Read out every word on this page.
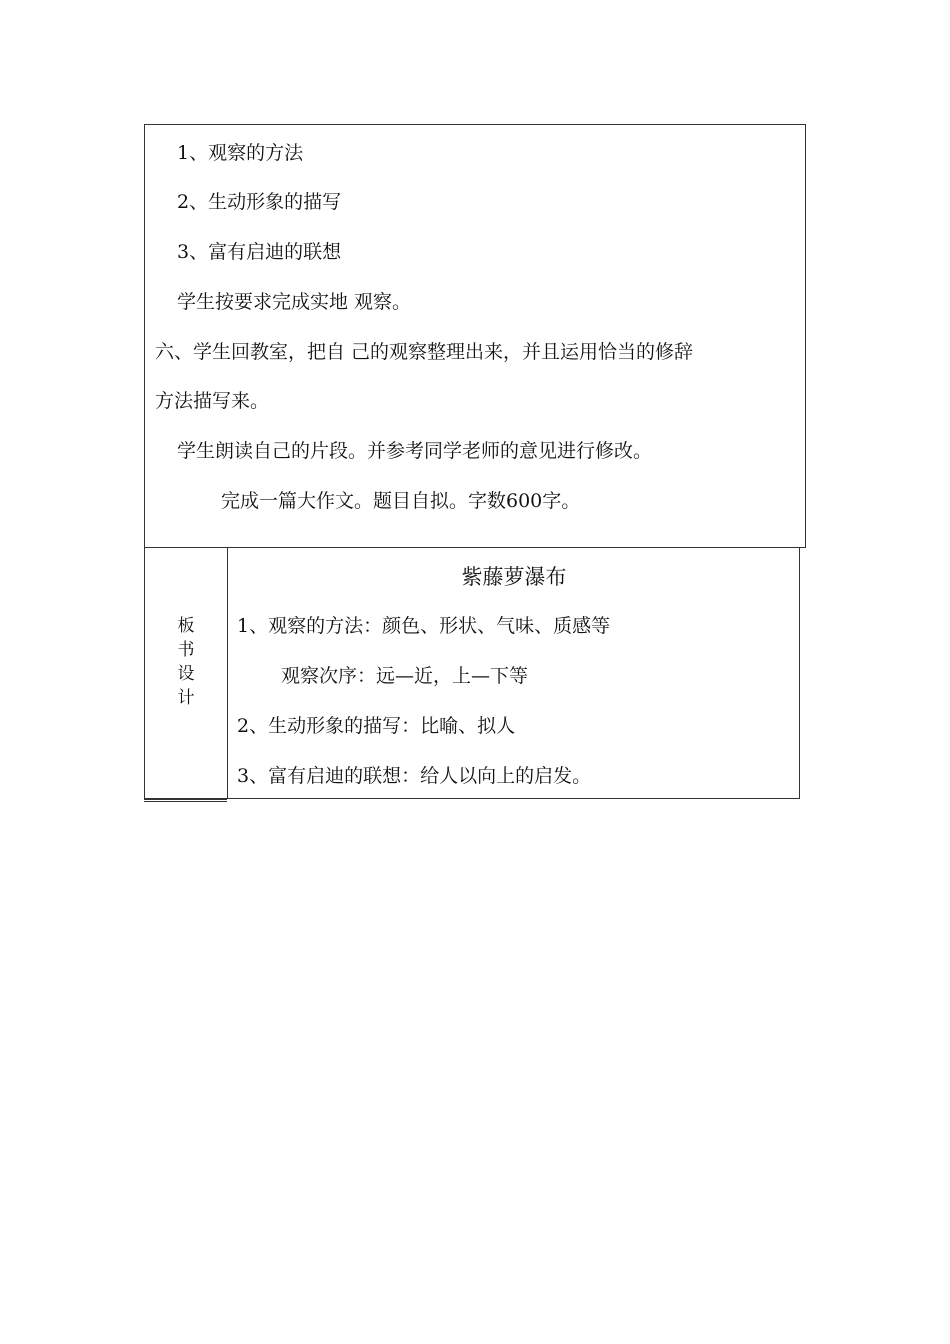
1、观察的方法
2、生动形象的描写
3、富有启迪的联想
学生按要求完成实地 观察。
六、学生回教室，把自 己的观察整理出来，并且运用恰当的修辞
方法描写来。
学生朗读自己的片段。并参考同学老师的意见进行修改。
完成一篇大作文。题目自拟。字数600字。
板
书
设
计
紫藤萝瀑布
1、观察的方法：颜色、形状、气味、质感等
观察次序：远—近，上—下等
2、生动形象的描写：比喻、拟人
3、富有启迪的联想：给人以向上的启发。
